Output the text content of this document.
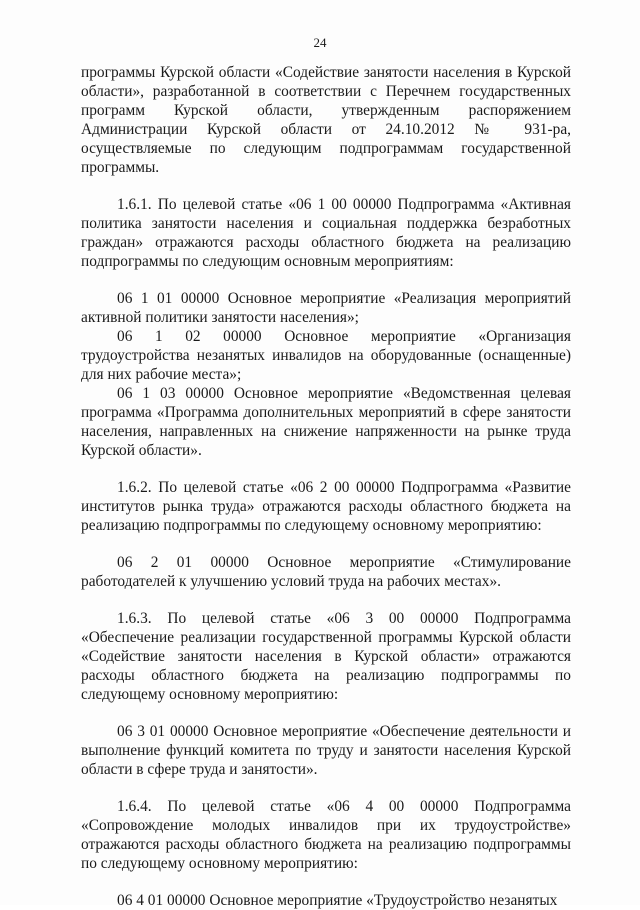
24

программы Курской области «Содействие занятости населения в Курской области», разработанной в соответствии с Перечнем государственных программ Курской области, утвержденным распоряжением Администрации Курской области от 24.10.2012 № 931-ра, осуществляемые по следующим подпрограммам государственной программы.

1.6.1. По целевой статье «06 1 00 00000 Подпрограмма «Активная политика занятости населения и социальная поддержка безработных граждан» отражаются расходы областного бюджета на реализацию подпрограммы по следующим основным мероприятиям:

06 1 01 00000 Основное мероприятие «Реализация мероприятий активной политики занятости населения»;

06 1 02 00000 Основное мероприятие «Организация трудоустройства незанятых инвалидов на оборудованные (оснащенные) для них рабочие места»;

06 1 03 00000 Основное мероприятие «Ведомственная целевая программа «Программа дополнительных мероприятий в сфере занятости населения, направленных на снижение напряженности на рынке труда Курской области».

1.6.2. По целевой статье «06 2 00 00000 Подпрограмма «Развитие институтов рынка труда» отражаются расходы областного бюджета на реализацию подпрограммы по следующему основному мероприятию:

06 2 01 00000 Основное мероприятие «Стимулирование работодателей к улучшению условий труда на рабочих местах».

1.6.3. По целевой статье «06 3 00 00000 Подпрограмма «Обеспечение реализации государственной программы Курской области «Содействие занятости населения в Курской области» отражаются расходы областного бюджета на реализацию подпрограммы по следующему основному мероприятию:

06 3 01 00000 Основное мероприятие «Обеспечение деятельности и выполнение функций комитета по труду и занятости населения Курской области в сфере труда и занятости».

1.6.4. По целевой статье «06 4 00 00000 Подпрограмма «Сопровождение молодых инвалидов при их трудоустройстве» отражаются расходы областного бюджета на реализацию подпрограммы по следующему основному мероприятию:

06 4 01 00000 Основное мероприятие «Трудоустройство незанятых
